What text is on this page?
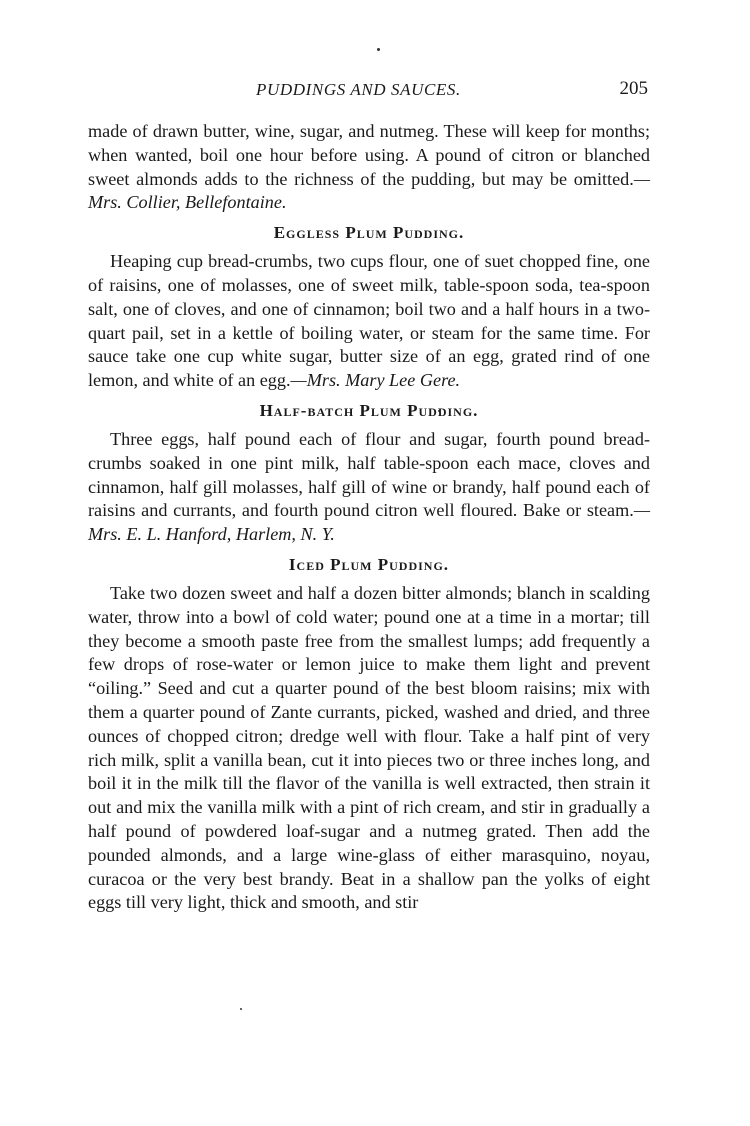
PUDDINGS AND SAUCES.	205

made of drawn butter, wine, sugar, and nutmeg. These will keep for months; when wanted, boil one hour before using. A pound of citron or blanched sweet almonds adds to the richness of the pudding, but may be omitted.—Mrs. Collier, Bellefontaine.

Eggless Plum Pudding.

Heaping cup bread-crumbs, two cups flour, one of suet chopped fine, one of raisins, one of molasses, one of sweet milk, table-spoon soda, tea-spoon salt, one of cloves, and one of cinnamon; boil two and a half hours in a two-quart pail, set in a kettle of boiling water, or steam for the same time. For sauce take one cup white sugar, butter size of an egg, grated rind of one lemon, and white of an egg.—Mrs. Mary Lee Gere.

Half-batch Plum Pudding.

Three eggs, half pound each of flour and sugar, fourth pound bread-crumbs soaked in one pint milk, half table-spoon each mace, cloves and cinnamon, half gill molasses, half gill of wine or brandy, half pound each of raisins and currants, and fourth pound citron well floured. Bake or steam.—Mrs. E. L. Hanford, Harlem, N. Y.

Iced Plum Pudding.

Take two dozen sweet and half a dozen bitter almonds; blanch in scalding water, throw into a bowl of cold water; pound one at a time in a mortar; till they become a smooth paste free from the smallest lumps; add frequently a few drops of rose-water or lemon juice to make them light and prevent “oiling.” Seed and cut a quarter pound of the best bloom raisins; mix with them a quarter pound of Zante currants, picked, washed and dried, and three ounces of chopped citron; dredge well with flour. Take a half pint of very rich milk, split a vanilla bean, cut it into pieces two or three inches long, and boil it in the milk till the flavor of the vanilla is well extracted, then strain it out and mix the vanilla milk with a pint of rich cream, and stir in gradually a half pound of powdered loaf-sugar and a nutmeg grated. Then add the pounded almonds, and a large wine-glass of either marasquino, noyau, curacoa or the very best brandy. Beat in a shallow pan the yolks of eight eggs till very light, thick and smooth, and stir
